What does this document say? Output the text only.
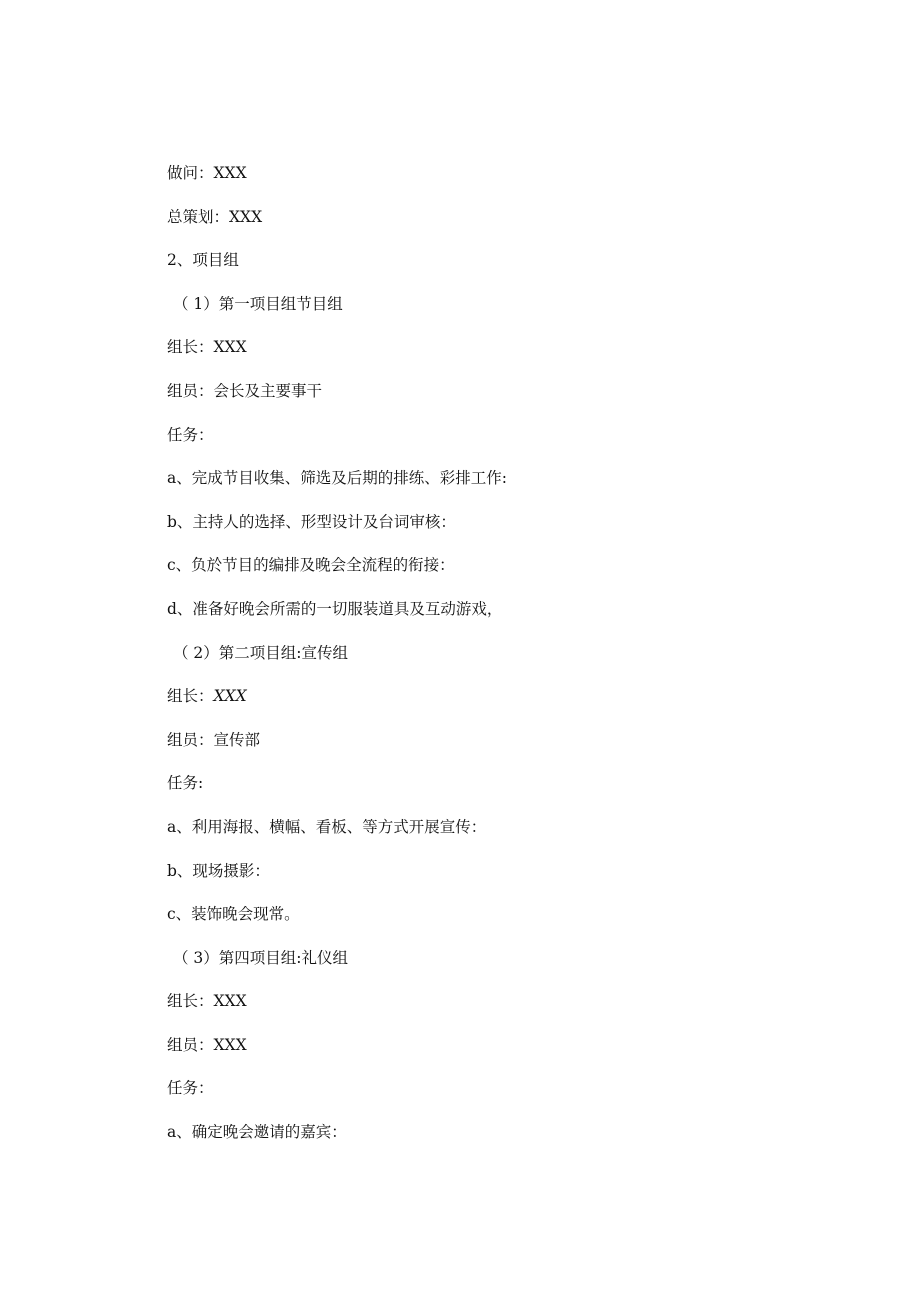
做问：XXX
总策划：XXX
2、项目组
（ 1）第一项目组节目组
组长：XXX
组员：会长及主要事干
任务：
a、完成节目收集、筛选及后期的排练、彩排工作:
b、主持人的选择、形型设计及台词审核：
c、负於节目的编排及晚会全流程的衔接：
d、准备好晚会所需的一切服装道具及互动游戏，
（ 2）第二项目组:宣传组
组长：XXX
组员：宣传部
任务:
a、利用海报、横幅、看板、等方式开展宣传：
b、现场摄影：
c、装饰晚会现常。
（ 3）第四项目组:礼仪组
组长：XXX
组员：XXX
任务：
a、确定晚会邀请的嘉宾：
